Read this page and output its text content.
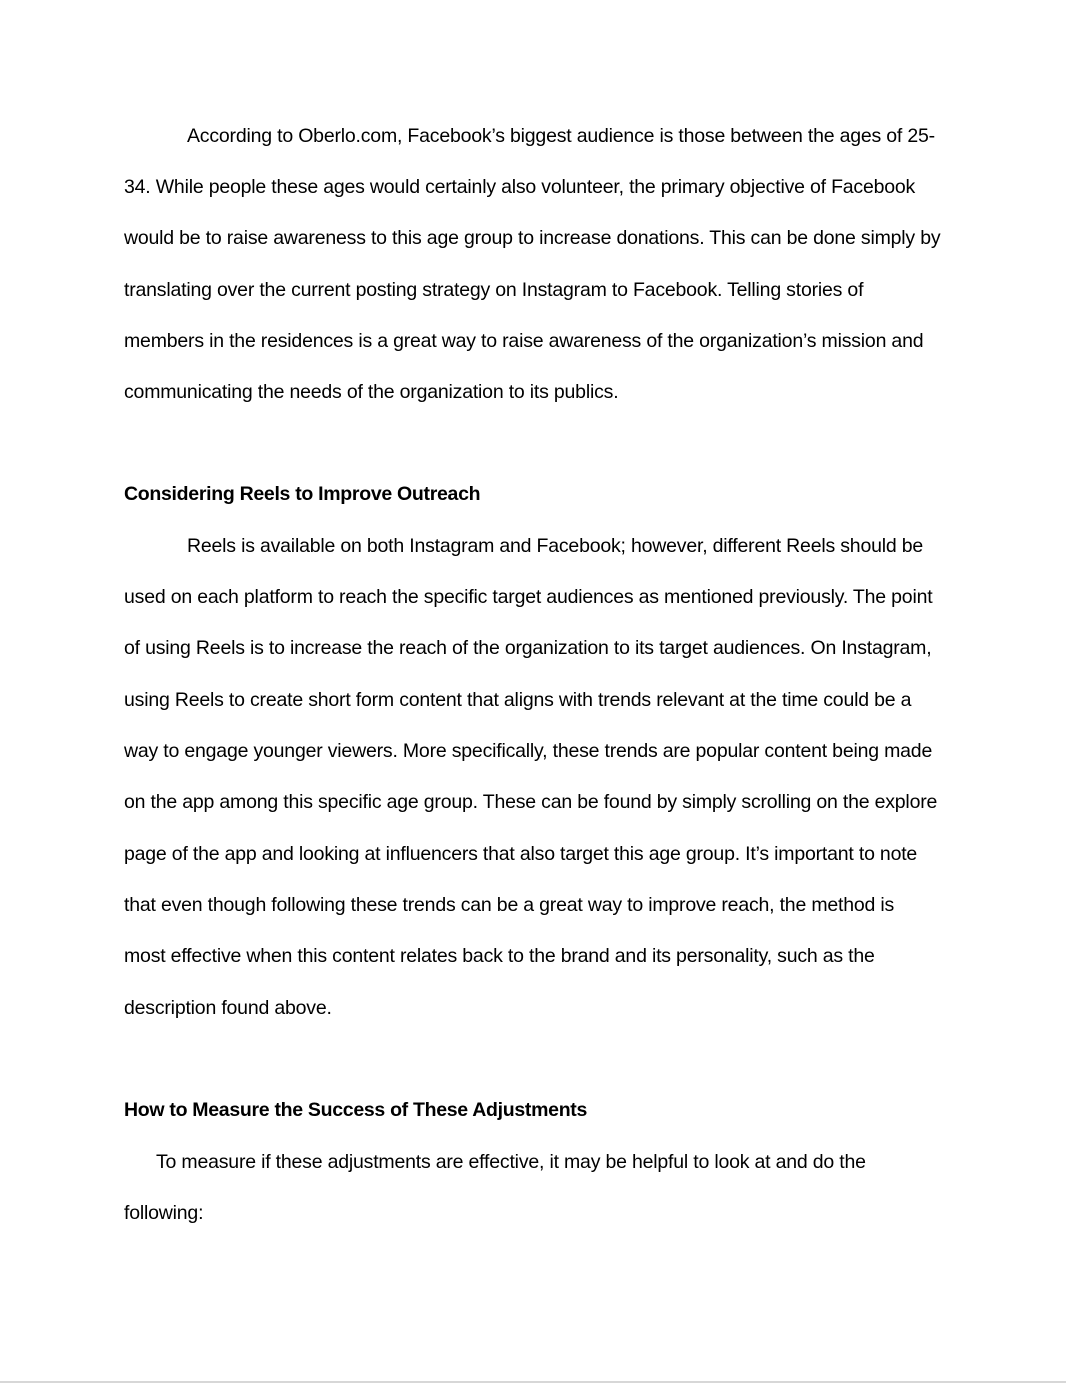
According to Oberlo.com, Facebook’s biggest audience is those between the ages of 25-
34. While people these ages would certainly also volunteer, the primary objective of Facebook
would be to raise awareness to this age group to increase donations. This can be done simply by
translating over the current posting strategy on Instagram to Facebook. Telling stories of
members in the residences is a great way to raise awareness of the organization’s mission and
communicating the needs of the organization to its publics.
Considering Reels to Improve Outreach
Reels is available on both Instagram and Facebook; however, different Reels should be
used on each platform to reach the specific target audiences as mentioned previously. The point
of using Reels is to increase the reach of the organization to its target audiences. On Instagram,
using Reels to create short form content that aligns with trends relevant at the time could be a
way to engage younger viewers. More specifically, these trends are popular content being made
on the app among this specific age group. These can be found by simply scrolling on the explore
page of the app and looking at influencers that also target this age group. It’s important to note
that even though following these trends can be a great way to improve reach, the method is
most effective when this content relates back to the brand and its personality, such as the
description found above.
How to Measure the Success of These Adjustments
To measure if these adjustments are effective, it may be helpful to look at and do the
following:
